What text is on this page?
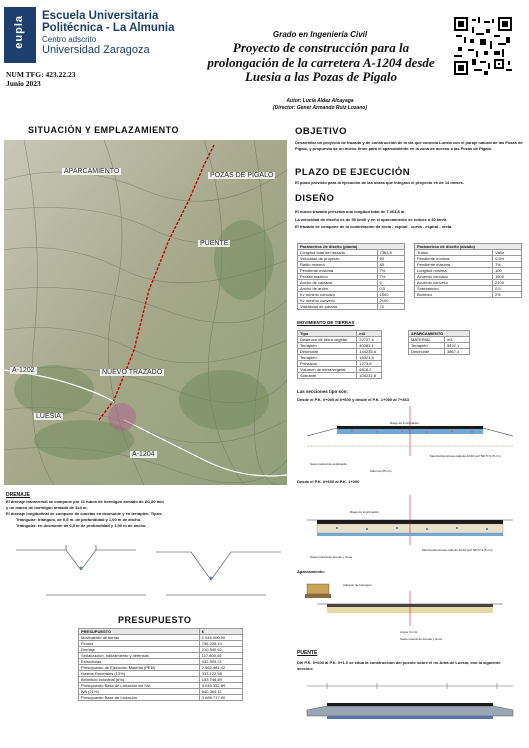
eupla Escuela Universitaria
Politécnica - La Almunia
Centro adscrito
Universidad Zaragoza
NUM TFG: 423.22.23
Junio 2023
Grado en Ingeniería Civil
Proyecto de construcción para la prolongación de la carretera A-1204 desde Luesia a las Pozas de Pigalo
Autor: Lucía Aldaz Alcayaga
(Director: Gener Armando Ruiz Lozano)
SITUACIÓN Y EMPLAZAMIENTO
APARCAMIENTO
POZAS DE PIGALO
PUENTE
NUEVO TRAZADO
A-1202
LUESIA
A-1204
DRENAJE
El drenaje transversal se compone por 11 tubos de hormigón armado de Ø1,80 mm
y un marco de hormigón armado de 4x4 m.
El drenaje longitudinal se compone de cunetas en desmonte y en terraplén. Tipos:
Triangular: triángulo, de 0,5 m. de profundidad y 1,00 m de ancho.
Triangular: en desmonte de 0,5 m de profundidad y 1,00 m de ancho.
PRESUPUESTO
PRESUPUESTO	€
Movimiento de tierras	1.045.000,00
Firmes	756.235,14
Drenaje	210.540,62
Señalización, balizamiento y defensas	117.800,45
Estructuras	432.905,21
Presupuesto de Ejecución Material (PEM)	2.562.481,42
Gastos Generales (13%)	333.122,58
Beneficio industrial (6%)	153.748,89
Presupuesto Base de Licitación sin IVA	3.049.352,89
IVA (21%)	640.364,11
Presupuesto Base de Licitación	3.689.717,00
OBJETIVO
Desarrollar un proyecto de trazado y de construcción de la vía que conecta Luesia con el paraje natural de las Pozas de Pigalo, y propuesta de un nuevo firme para el aparcamiento en la zona de acceso a las Pozas de Pigalo.
PLAZO DE EJECUCIÓN
El plazo previsto para la ejecución de las obras que integran el proyecto es de 14 meses.
DISEÑO
El nuevo trazado presenta una longitud total de 7.363,8 m.
La velocidad de diseño es de 50 km/h y en el aparcamiento se reduce a 40 km/h.
El trazado se compone de la combinación de recta - espiral - curva - espiral - recta.
Parámetros de diseño (planta)	
Longitud total del trazado	7363,8
Velocidad de proyecto	50
Radio mínimo	85
Pendiente máxima	7%
Peralte máximo	7%
Ancho de calzada	6
Ancho de arcén	0,5
Kv mínimo cóncavo	1500
Kv mínimo convexo	2100
Visibilidad de parada	70
Parámetros de diseño (alzado)	
Tramo	Valor
Pendiente mínima	0,5%
Pendiente máxima	7%
Longitud mínima	100
Acuerdo cóncavo	1500
Acuerdo convexo	2100
Sobreancho	0,5
Bombeo	2%
MOVIMIENTO DE TIERRAS
Tipo	m3
Desbroce de tierra vegetal	22727,4
Terraplén	40383,1
Desmonte	144235,6
Terraplén	18321,5
Préstamo	1273,8
Volumen de tierra vegetal	6818,2
Sobrante	104231,8
APARCAMIENTO	
MATERIAL	m3
Terraplén	5432,1
Desmonte	3867,4
Las secciones tipo son:
Desde el P.K. 0+000 al 0+600 y desde el P.K. 1+000 al 7+363
Riego de imprimación
Mezcla bituminosa caliente AC16 surf 50/70 S (5 cm)
Zahorra (25 cm)
Suelo natural de explanada
Desde el P.K. 0+600 al P.K. 1+000
Riego de imprimación
Suelo natural de arenas y limos
Mezcla bituminosa caliente AC16 surf 50/70 S (5 cm)
Aparcamiento:
Adoquín de hormigón
Arena (4 cm)
Suelo natural de arenas y limos
PUENTE
Del P.K. 0+600 al P.K. 0+1.0 se sitúa la construcción del puente sobre el río Arba de Luesia, con la siguiente sección:
